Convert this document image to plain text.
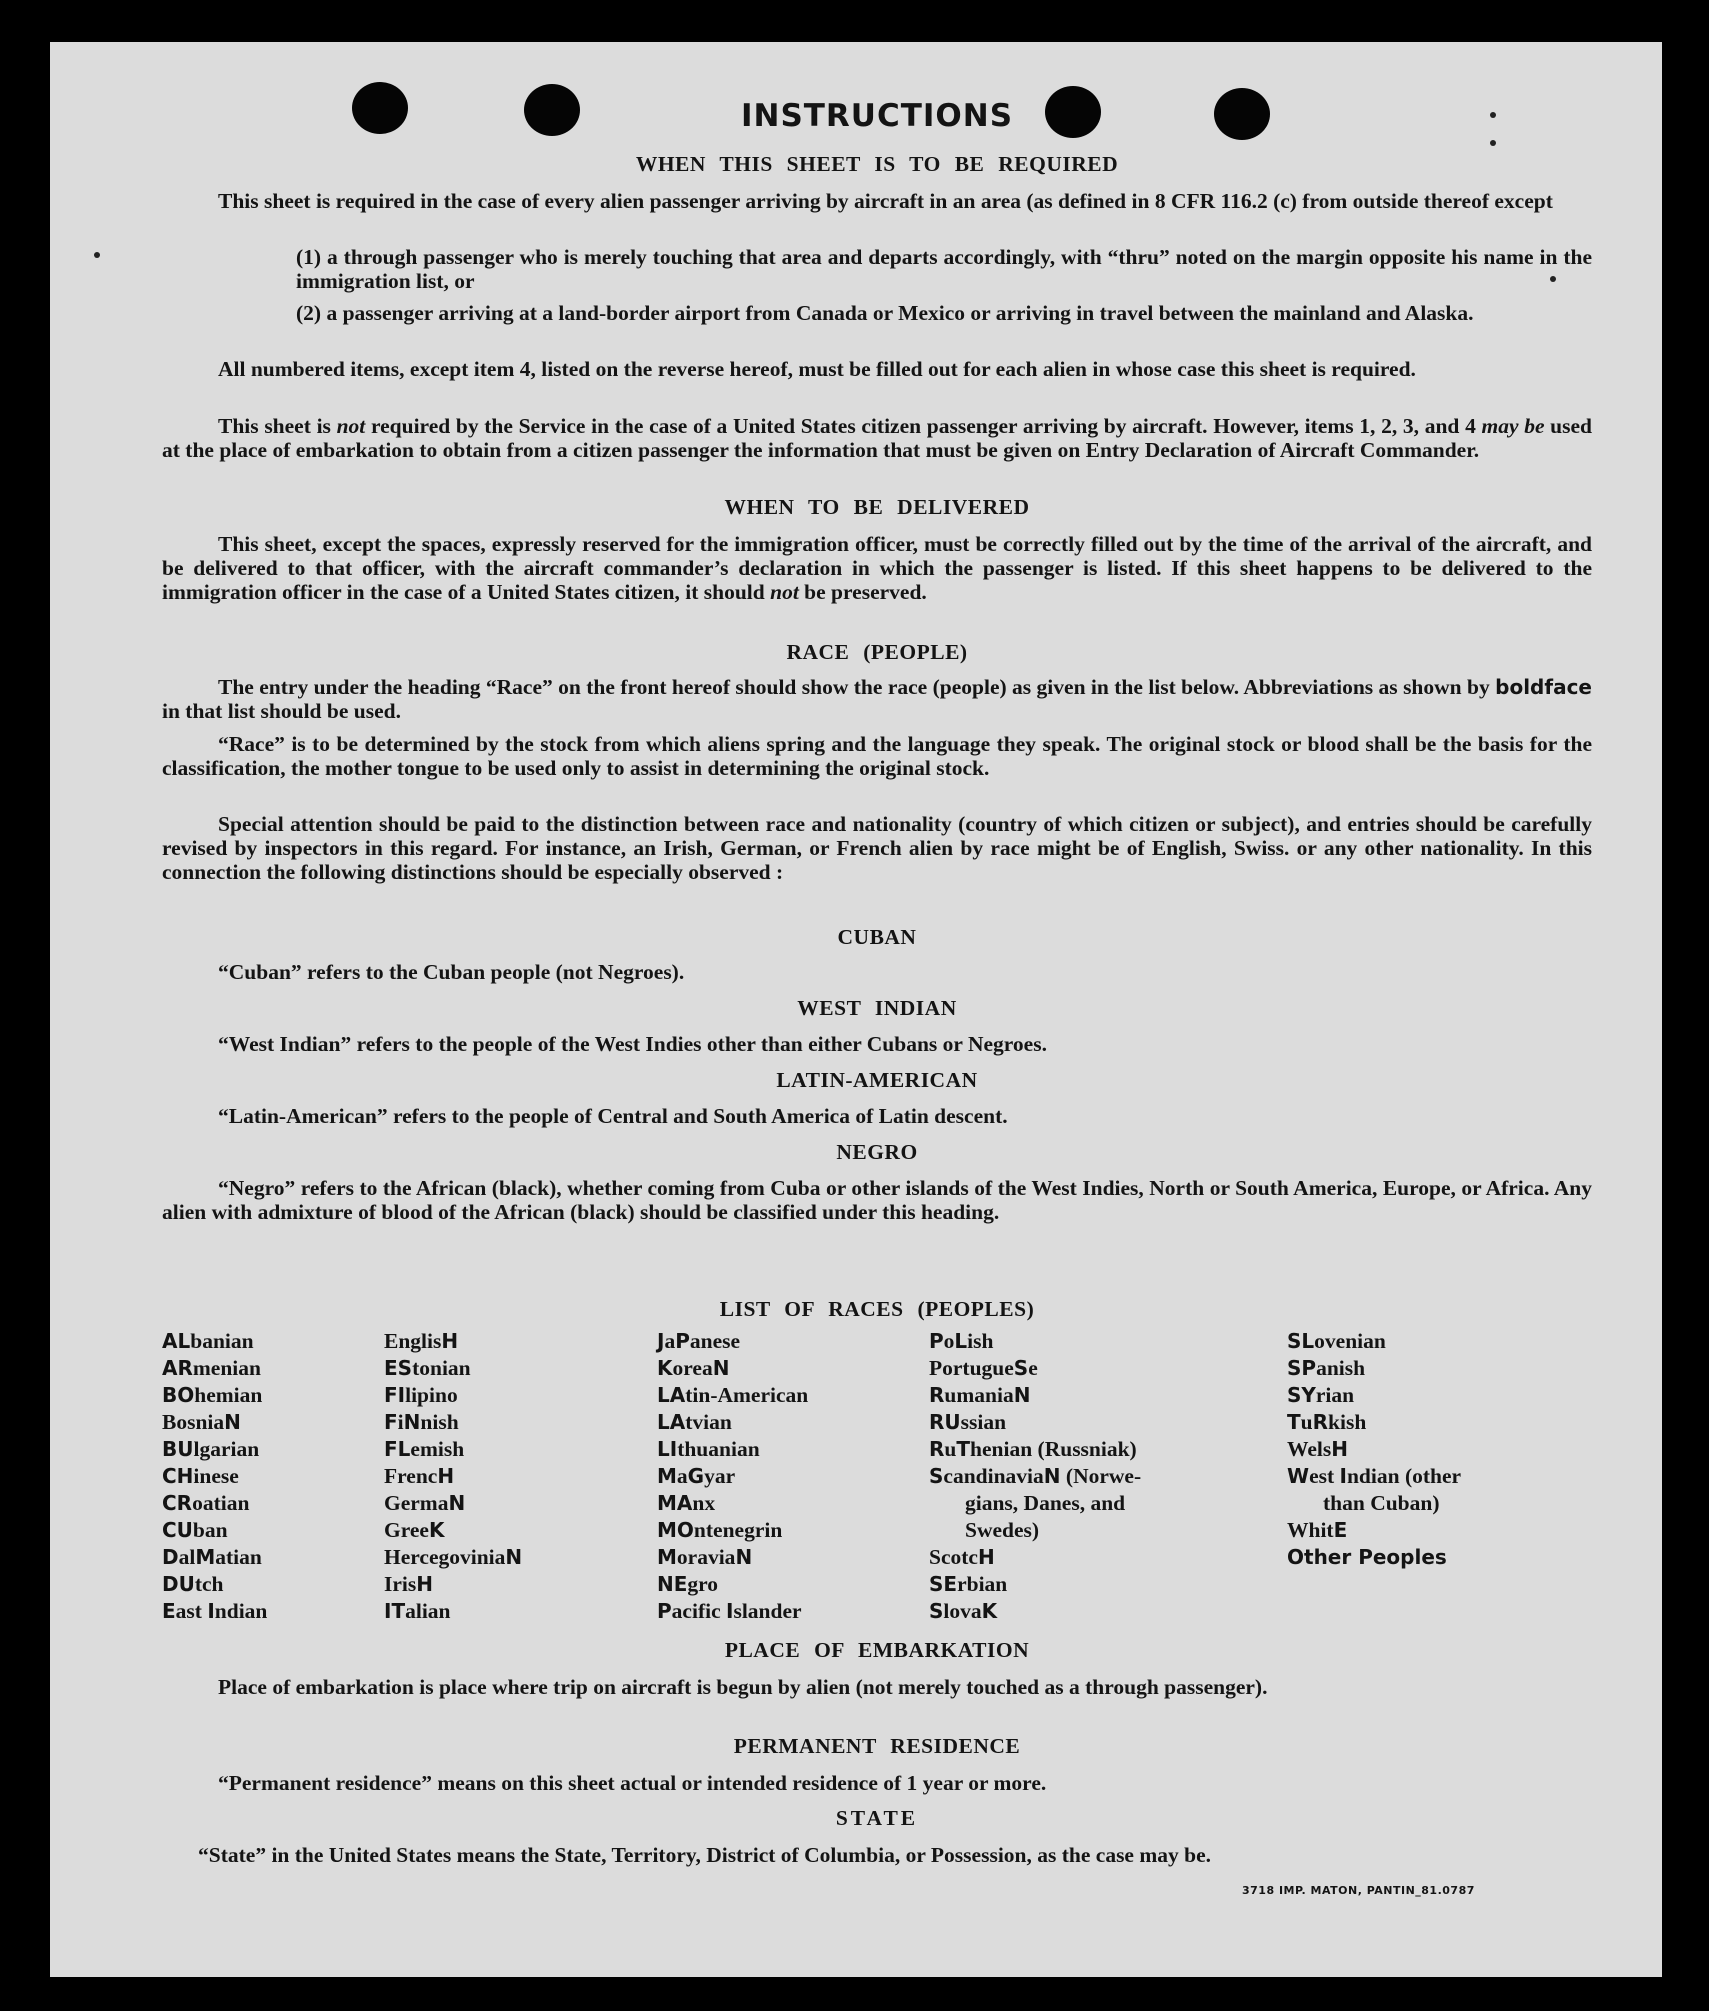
INSTRUCTIONS
WHEN THIS SHEET IS TO BE REQUIRED
This sheet is required in the case of every alien passenger arriving by aircraft in an area (as defined in 8 CFR 116.2 (c) from outside thereof except
(1) a through passenger who is merely touching that area and departs accordingly, with “thru” noted on the margin opposite his name in the immigration list, or
(2) a passenger arriving at a land-border airport from Canada or Mexico or arriving in travel between the mainland and Alaska.
All numbered items, except item 4, listed on the reverse hereof, must be filled out for each alien in whose case this sheet is required.
This sheet is not required by the Service in the case of a United States citizen passenger arriving by aircraft. However, items 1, 2, 3, and 4 may be used at the place of embarkation to obtain from a citizen passenger the information that must be given on Entry Declaration of Aircraft Commander.
WHEN TO BE DELIVERED
This sheet, except the spaces, expressly reserved for the immigration officer, must be correctly filled out by the time of the arrival of the aircraft, and be delivered to that officer, with the aircraft commander’s declaration in which the passenger is listed. If this sheet happens to be delivered to the immigration officer in the case of a United States citizen, it should not be preserved.
RACE (PEOPLE)
The entry under the heading “Race” on the front hereof should show the race (people) as given in the list below. Abbreviations as shown by boldface in that list should be used.
“Race” is to be determined by the stock from which aliens spring and the language they speak. The original stock or blood shall be the basis for the classification, the mother tongue to be used only to assist in determining the original stock.
Special attention should be paid to the distinction between race and nationality (country of which citizen or subject), and entries should be carefully revised by inspectors in this regard. For instance, an Irish, German, or French alien by race might be of English, Swiss. or any other nationality. In this connection the following distinctions should be especially observed :
CUBAN
“Cuban” refers to the Cuban people (not Negroes).
WEST INDIAN
“West Indian” refers to the people of the West Indies other than either Cubans or Negroes.
LATIN-AMERICAN
“Latin-American” refers to the people of Central and South America of Latin descent.
NEGRO
“Negro” refers to the African (black), whether coming from Cuba or other islands of the West Indies, North or South America, Europe, or Africa. Any alien with admixture of blood of the African (black) should be classified under this heading.
LIST OF RACES (PEOPLES)
ALbanian
ARmenian
BOhemian
BosniaN
BUlgarian
CHinese
CRoatian
CUban
DalMatian
DUtch
East Indian
EnglisH
EStonian
FIlipino
FiNnish
FLemish
FrencH
GermaN
GreeK
HercegoviniaN
IrisH
ITalian
JaPanese
KoreaN
LAtin-American
LAtvian
LIthuanian
MaGyar
MAnx
MOntenegrin
MoraviaN
NEgro
Pacific Islander
PoLish
PortugueSe
RumaniaN
RUssian
RuThenian (Russniak)
ScandinaviaN (Norwe-
gians, Danes, and
Swedes)
ScotcH
SErbian
SlovaK
SLovenian
SPanish
SYrian
TuRkish
WelsH
West Indian (other
than Cuban)
WhitE
Other Peoples
PLACE OF EMBARKATION
Place of embarkation is place where trip on aircraft is begun by alien (not merely touched as a through passenger).
PERMANENT RESIDENCE
“Permanent residence” means on this sheet actual or intended residence of 1 year or more.
STATE
“State” in the United States means the State, Territory, District of Columbia, or Possession, as the case may be.
3718 IMP. MATON, PANTIN_81.0787
